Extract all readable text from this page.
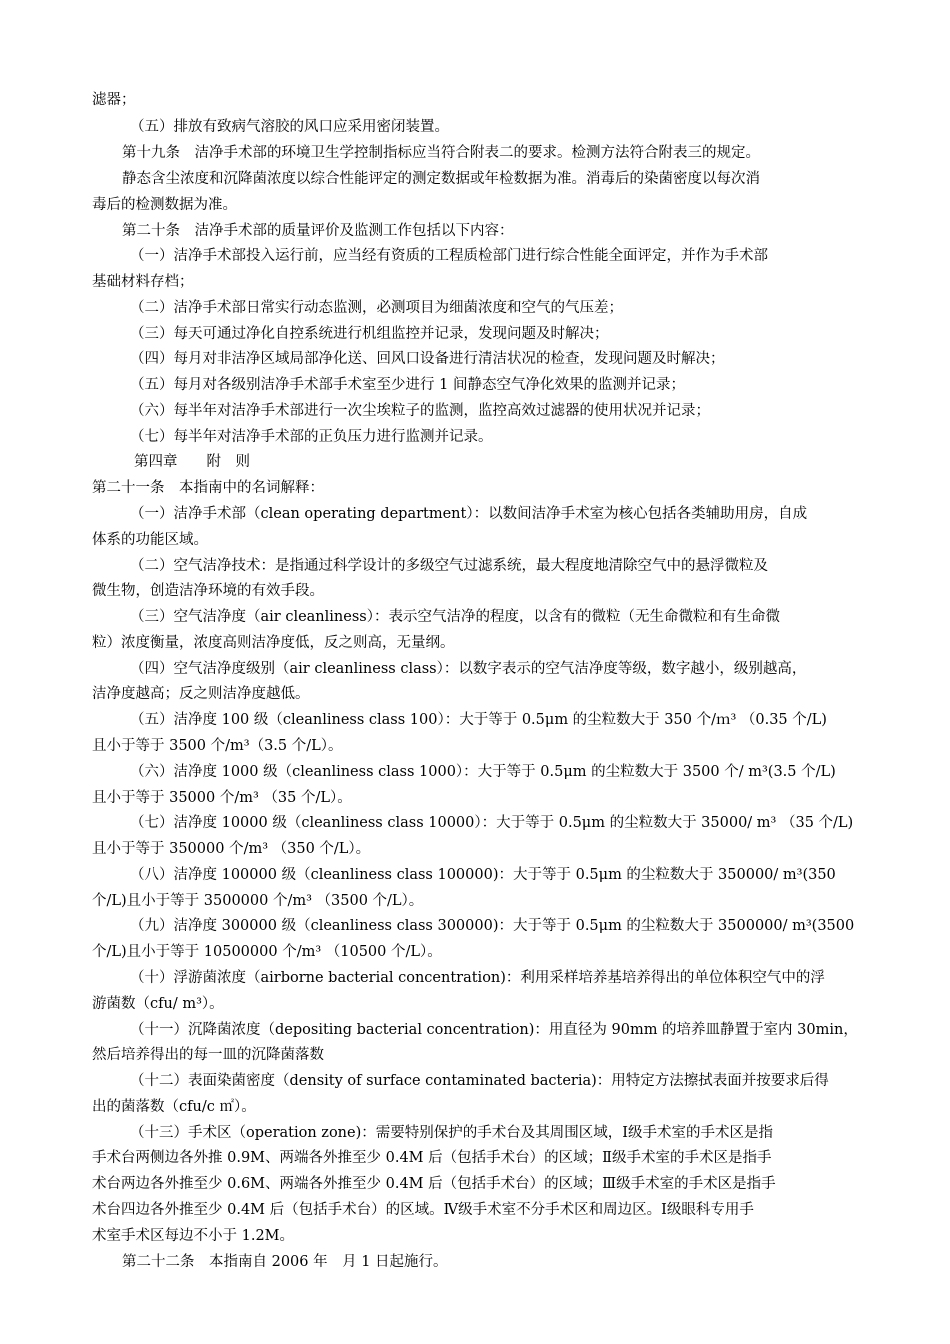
滤器；
（五）排放有致病气溶胶的风口应采用密闭装置。
第十九条　洁净手术部的环境卫生学控制指标应当符合附表二的要求。检测方法符合附表三的规定。
静态含尘浓度和沉降菌浓度以综合性能评定的测定数据或年检数据为准。消毒后的染菌密度以每次消
毒后的检测数据为准。
第二十条　洁净手术部的质量评价及监测工作包括以下内容：
（一）洁净手术部投入运行前，应当经有资质的工程质检部门进行综合性能全面评定，并作为手术部
基础材料存档；
（二）洁净手术部日常实行动态监测，必测项目为细菌浓度和空气的气压差；
（三）每天可通过净化自控系统进行机组监控并记录，发现问题及时解决；
（四）每月对非洁净区域局部净化送、回风口设备进行清洁状况的检查，发现问题及时解决；
（五）每月对各级别洁净手术部手术室至少进行 1 间静态空气净化效果的监测并记录；
（六）每半年对洁净手术部进行一次尘埃粒子的监测，监控高效过滤器的使用状况并记录；
（七）每半年对洁净手术部的正负压力进行监测并记录。
第四章　　附　则
第二十一条　本指南中的名词解释：
（一）洁净手术部（clean operating department）：以数间洁净手术室为核心包括各类辅助用房，自成
体系的功能区域。
（二）空气洁净技术：是指通过科学设计的多级空气过滤系统，最大程度地清除空气中的悬浮微粒及
微生物，创造洁净环境的有效手段。
（三）空气洁净度（air cleanliness）：表示空气洁净的程度，以含有的微粒（无生命微粒和有生命微
粒）浓度衡量，浓度高则洁净度低，反之则高，无量纲。
（四）空气洁净度级别（air cleanliness class）：以数字表示的空气洁净度等级，数字越小，级别越高，
洁净度越高；反之则洁净度越低。
（五）洁净度 100 级（cleanliness class 100）：大于等于 0.5μm 的尘粒数大于 350 个/ｍ³ （0.35 个/L)
且小于等于 3500 个/m³（3.5 个/L）。
（六）洁净度 1000 级（cleanliness class 1000）：大于等于 0.5μm 的尘粒数大于 3500 个/ m³(3.5 个/L)
且小于等于 35000 个/m³ （35 个/L）。
（七）洁净度 10000 级（cleanliness class 10000）：大于等于 0.5μm 的尘粒数大于 35000/ m³ （35 个/L)
且小于等于 350000 个/m³ （350 个/L）。
（八）洁净度 100000 级（cleanliness class 100000)：大于等于 0.5μm 的尘粒数大于 350000/ m³(350
个/L)且小于等于 3500000 个/m³ （3500 个/L）。
（九）洁净度 300000 级（cleanliness class 300000)：大于等于 0.5μm 的尘粒数大于 3500000/ m³(3500
个/L)且小于等于 10500000 个/m³ （10500 个/L）。
（十）浮游菌浓度（airborne bacterial concentration)：利用采样培养基培养得出的单位体积空气中的浮
游菌数（cfu/ m³）。
（十一）沉降菌浓度（depositing bacterial concentration)：用直径为 90mm 的培养皿静置于室内 30min，
然后培养得出的每一皿的沉降菌落数
（十二）表面染菌密度（density of surface contaminated bacteria)：用特定方法擦拭表面并按要求后得
出的菌落数（cfu/c ㎡）。
（十三）手术区（operation zone)：需要特别保护的手术台及其周围区域，Ⅰ级手术室的手术区是指
手术台两侧边各外推 0.9M、两端各外推至少 0.4M 后（包括手术台）的区域；Ⅱ级手术室的手术区是指手
术台两边各外推至少 0.6M、两端各外推至少 0.4M 后（包括手术台）的区域；Ⅲ级手术室的手术区是指手
术台四边各外推至少 0.4M 后（包括手术台）的区域。Ⅳ级手术室不分手术区和周边区。Ⅰ级眼科专用手
术室手术区每边不小于 1.2M。
第二十二条　本指南自 2006 年　月 1 日起施行。
